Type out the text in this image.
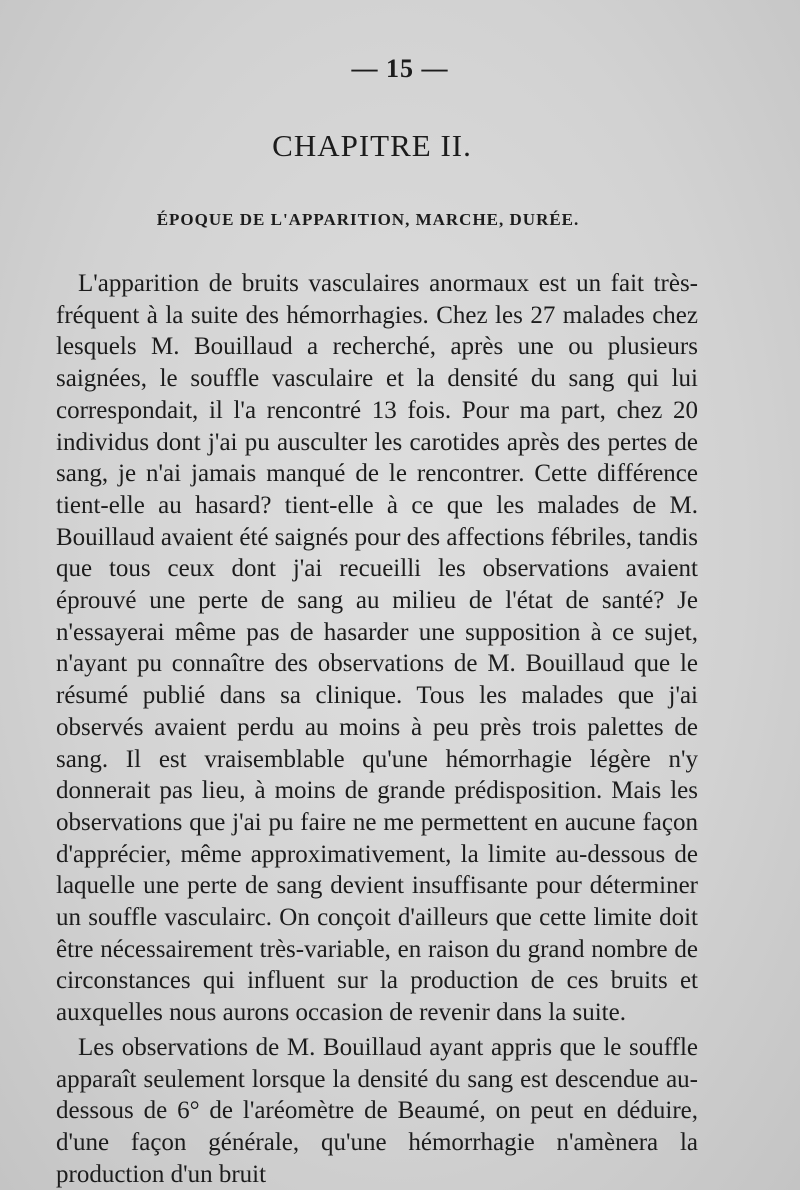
— 15 —
CHAPITRE II.
ÉPOQUE DE L'APPARITION, MARCHE, DURÉE.

L'apparition de bruits vasculaires anormaux est un fait très-fréquent à la suite des hémorrhagies. Chez les 27 malades chez lesquels M. Bouillaud a recherché, après une ou plusieurs saignées, le souffle vasculaire et la densité du sang qui lui correspondait, il l'a rencontré 13 fois. Pour ma part, chez 20 individus dont j'ai pu ausculter les carotides après des pertes de sang, je n'ai jamais manqué de le rencontrer. Cette différence tient-elle au hasard? tient-elle à ce que les malades de M. Bouillaud avaient été saignés pour des affections fébriles, tandis que tous ceux dont j'ai recueilli les observations avaient éprouvé une perte de sang au milieu de l'état de santé? Je n'essayerai même pas de hasarder une supposition à ce sujet, n'ayant pu connaître des observations de M. Bouillaud que le résumé publié dans sa clinique. Tous les malades que j'ai observés avaient perdu au moins à peu près trois palettes de sang. Il est vraisemblable qu'une hémorrhagie légère n'y donnerait pas lieu, à moins de grande prédisposition. Mais les observations que j'ai pu faire ne me permettent en aucune façon d'apprécier, même approximativement, la limite au-dessous de laquelle une perte de sang devient insuffisante pour déterminer un souffle vasculairc. On conçoit d'ailleurs que cette limite doit être nécessairement très-variable, en raison du grand nombre de circonstances qui influent sur la production de ces bruits et auxquelles nous aurons occasion de revenir dans la suite.

Les observations de M. Bouillaud ayant appris que le souffle apparaît seulement lorsque la densité du sang est descendue au-dessous de 6° de l'aréomètre de Beaumé, on peut en déduire, d'une façon générale, qu'une hémorrhagie n'amènera la production d'un bruit
